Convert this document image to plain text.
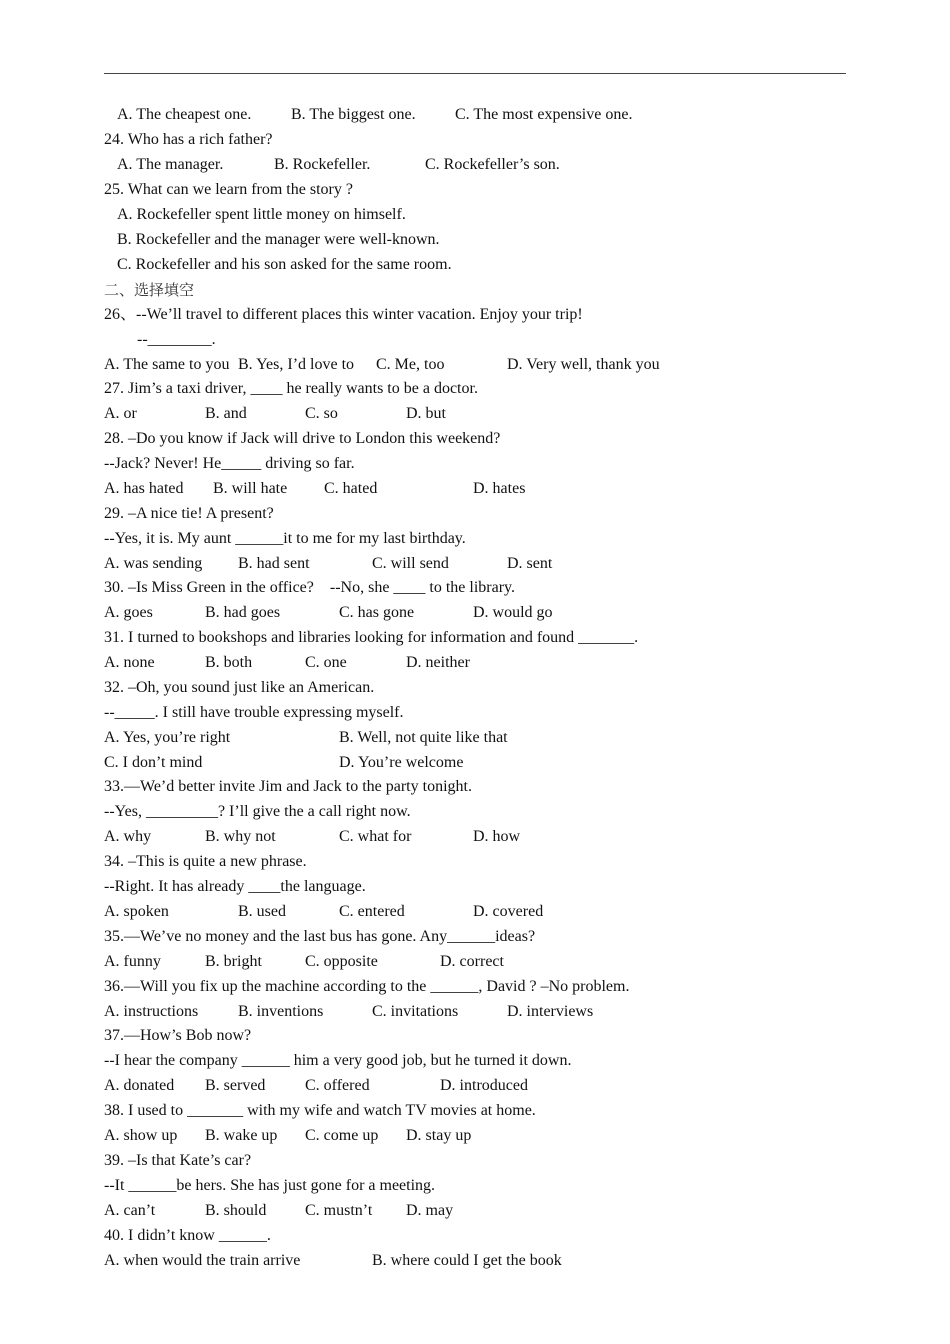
A. The cheapest one. B. The biggest one. C. The most expensive one.
24. Who has a rich father?
A. The manager.	B. Rockefeller.	C. Rockefeller’s son.
25. What can we learn from the story ?
A. Rockefeller spent little money on himself.
B. Rockefeller and the manager were well-known.
C. Rockefeller and his son asked for the same room.
二、选择填空
26、--We’ll travel to different places this winter vacation. Enjoy your trip!
--________.
A. The same to you B. Yes, I’d love to C. Me, too	D. Very well, thank you
27. Jim’s a taxi driver, ____ he really wants to be a doctor.
A. or	B. and	C. so	D. but
28. –Do you know if Jack will drive to London this weekend?
--Jack? Never! He_____ driving so far.
A. has hated B. will hate C. hated	D. hates
29. –A nice tie! A present?
--Yes, it is. My aunt ______it to me for my last birthday.
A. was sending B. had sent	C. will send	D. sent
30. –Is Miss Green in the office?　--No, she ____ to the library.
A. goes	B. had goes	C. has gone	D. would go
31. I turned to bookshops and libraries looking for information and found _______.
A. none	B. both	C. one	D. neither
32. –Oh, you sound just like an American.
--_____. I still have trouble expressing myself.
A. Yes, you’re right	B. Well, not quite like that
C. I don’t mind	D. You’re welcome
33.—We’d better invite Jim and Jack to the party tonight.
--Yes, _________? I’ll give the a call right now.
A. why	B. why not	C. what for	D. how
34. –This is quite a new phrase.
--Right. It has already ____the language.
A. spoken	B. used	C. entered	D. covered
35.—We’ve no money and the last bus has gone. Any______ideas?
A. funny	B. bright	C. opposite	D. correct
36.—Will you fix up the machine according to the ______, David ? –No problem.
A. instructions B. inventions	C. invitations	D. interviews
37.—How’s Bob now?
--I hear the company ______ him a very good job, but he turned it down.
A. donated B. served C. offered	D. introduced
38. I used to _______ with my wife and watch TV movies at home.
A. show up B. wake up C. come up D. stay up
39. –Is that Kate’s car?
--It ______be hers. She has just gone for a meeting.
A. can’t	B. should C. mustn’t D. may
40. I didn’t know ______.
A. when would the train arrive	B. where could I get the book
